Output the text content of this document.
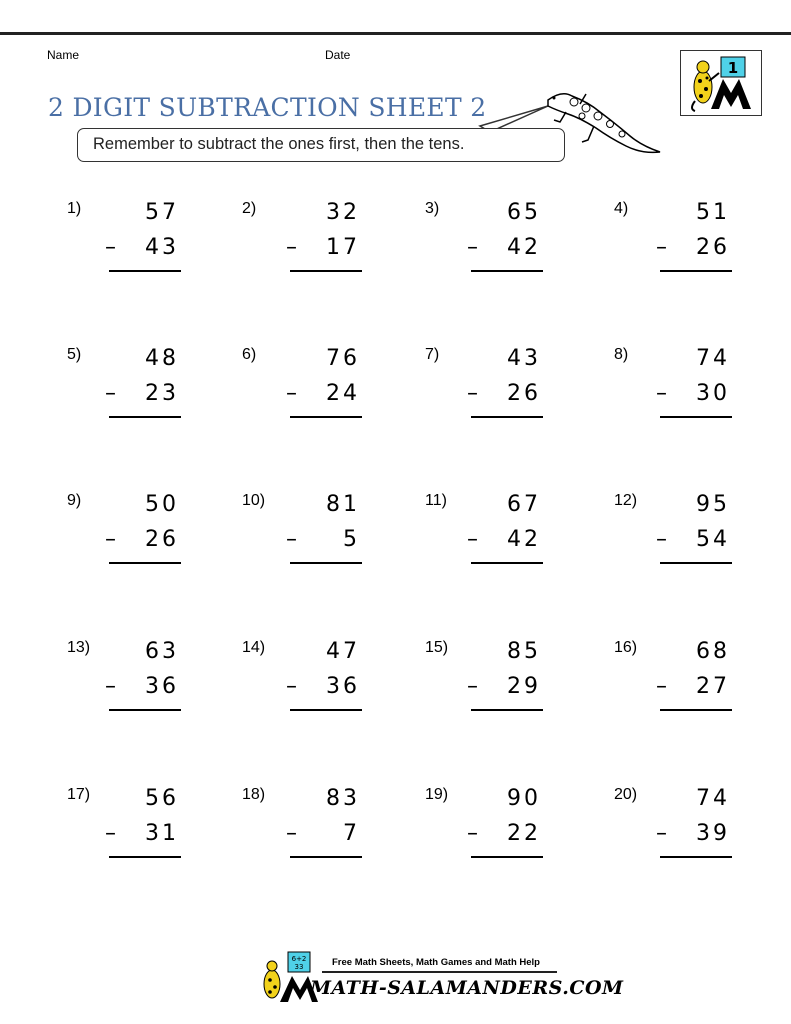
Name	Date
1
2 DIGIT SUBTRACTION SHEET 2
Remember to subtract the ones first, then the tens.
1)	57
–	43
2)	32
–	17
3)	65
–	42
4)	51
–	26
5)	48
–	23
6)	76
–	24
7)	43
–	26
8)	74
–	30
9)	50
–	26
10)	81
–	5
11)	67
–	42
12)	95
–	54
13)	63
–	36
14)	47
–	36
15)	85
–	29
16)	68
–	27
17)	56
–	31
18)	83
–	7
19)	90
–	22
20)	74
–	39
6+2
33	Free Math Sheets, Math Games and Math Help
MATH-SALAMANDERS.COM
